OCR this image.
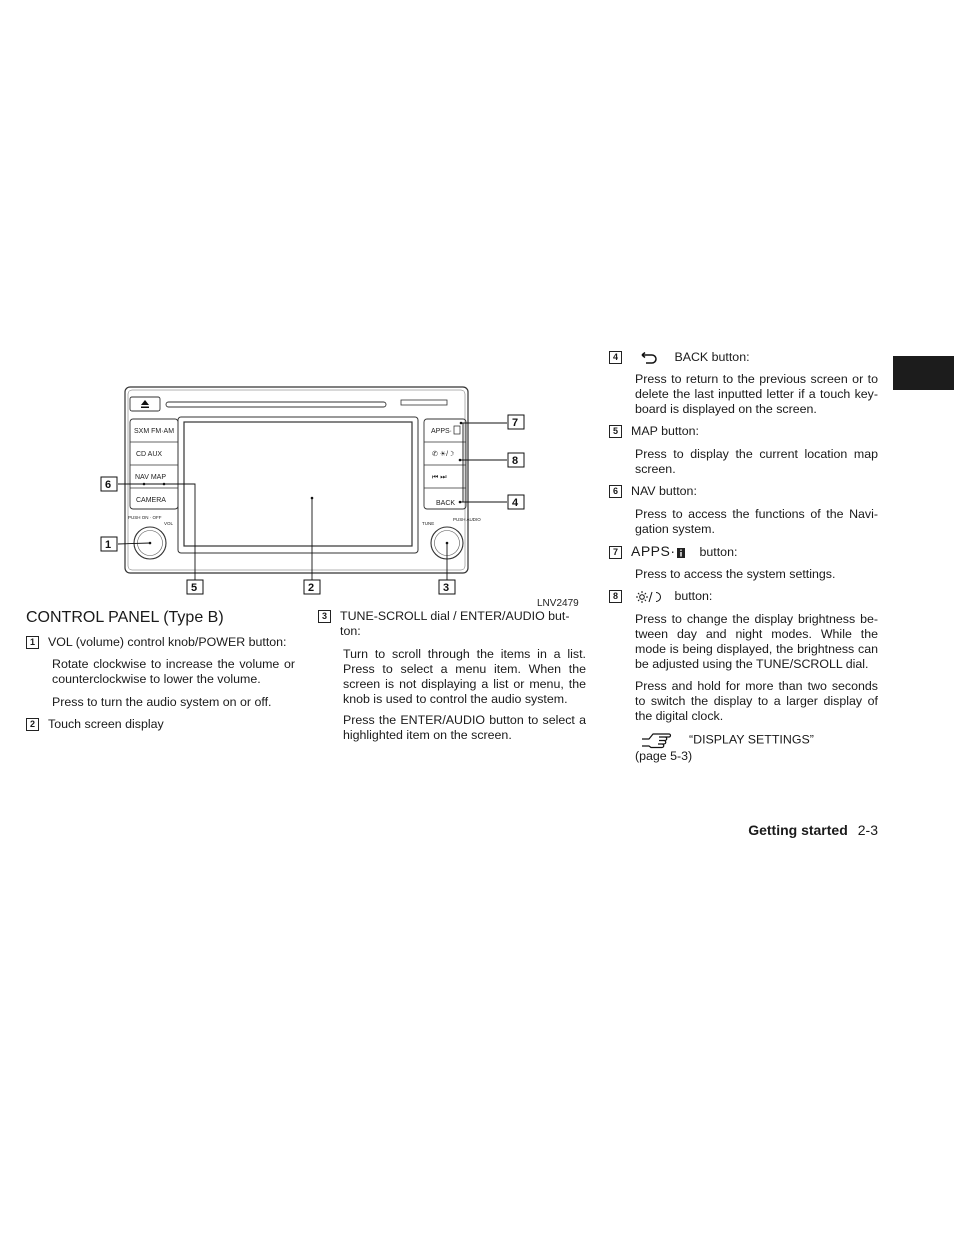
SXM FM·AM
CD AUX
NAV MAP
CAMERA
APPS·
✆ ☀/☽
⏮ ⏭
BACK
PUSH ON · OFF
VOL	TUNE
PUSH AUDIO
6
1
5	2	3
7
8
4
LNV2479
CONTROL PANEL (Type B)
1 VOL (volume) control knob/POWER button:
Rotate clockwise to increase the volume or counterclockwise to lower the volume.
Press to turn the audio system on or off.
2 Touch screen display
3 TUNE-SCROLL dial / ENTER/AUDIO but-
ton:
Turn to scroll through the items in a list. Press to select a menu item. When the screen is not displaying a list or menu, the knob is used to control the audio system.
Press the ENTER/AUDIO button to select a highlighted item on the screen.
4	BACK button:
Press to return to the previous screen or to delete the last inputted letter if a touch key-board is displayed on the screen.
5 MAP button:
Press to display the current location map screen.
6 NAV button:
Press to access the functions of the Navi-gation system.
7 APPS· button:
Press to access the system settings.
8	button:
Press to change the display brightness be-tween day and night modes. While the mode is being displayed, the brightness can be adjusted using the TUNE/SCROLL dial.
Press and hold for more than two seconds to switch the display to a larger display of the digital clock.
“DISPLAY SETTINGS”
(page 5-3)
Getting started 2-3
